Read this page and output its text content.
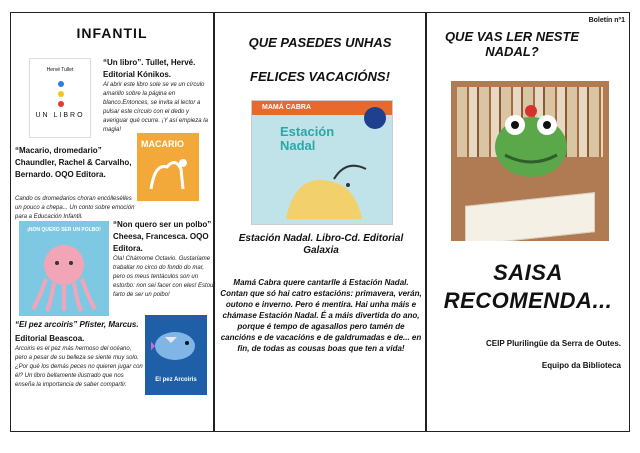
INFANTIL
Hervé Tullet
UN LIBRO
“Un libro”. Tullet, Hervé. Editorial Kónikos.
Al abrir este libro sole se ve un círculo amarillo sobre la página en blanco.Entonces, se invita al lector a pulsar este círculo con el dedo y averiguar qué ocurre. ¡Y así empieza la magia!
“Macario, dromedario”
Chaundler, Rachel & Carvalho, Bernardo. OQO Editora.
Cando os dromedarios choran encóllesélles un pouco a chepa... Un conto sobre emoción para a Educación Infantil.
MACARIO
¡NON QUERO SER UN POLBO!
“Non quero ser un polbo” Cheesa, Francesca. OQO Editora.
Ola! Chámome Octavio. Gustaríame traballar no circo do fondo do mar, pero os meus tentáculos son un estorbo: non sei facer con eles! Estou farto de ser un polbo!
“El pez arcoiris” Pfister, Marcus.
Editorial Beascoa.
Arcoiris es el pez más hermoso del océano, pero a pesar de su belleza se siente muy solo. ¿Por qué los demás peces no quieren jugar con él? Un libro bellamente ilustrado que nos enseña la importancia de saber compartir.
El pez Arcoiris
QUE PASEDES UNHAS
FELICES VACACIÓNS!
MAMÁ CABRA
Estación Nadal
Estación Nadal. Libro-Cd. Editorial Galaxia
Mamá Cabra quere cantarlle á Estación Nadal. Contan que só hai catro estacións: primavera, verán, outono e inverno. Pero é mentira. Hai unha máis e chámase Estación Nadal. É a máis divertida do ano, porque é tempo de agasallos pero tamén de cancións e de vacacións e de galdrumadas e de... en fin, de todas as cousas boas que ten a vida!
Boletín nº1
QUE VAS LER NESTE NADAL?
SAISA
RECOMENDA...
CEIP Plurilingüe da Serra de Outes.
Equipo da Biblioteca
